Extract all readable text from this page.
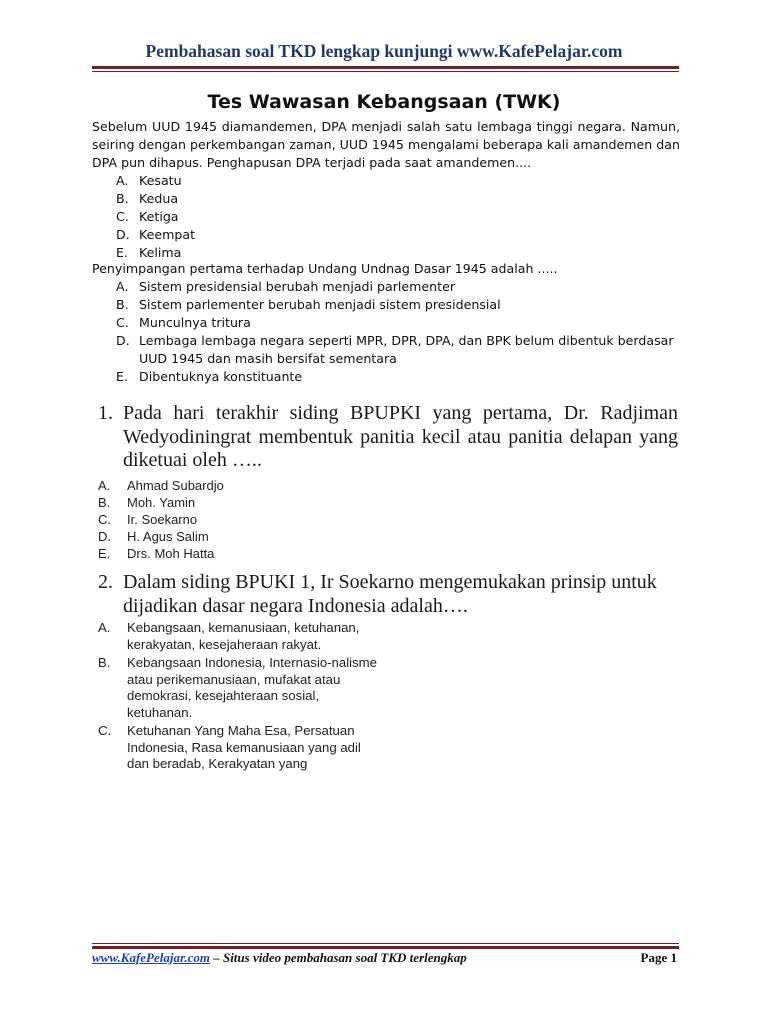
Pembahasan soal TKD lengkap kunjungi www.KafePelajar.com
Tes Wawasan Kebangsaan (TWK)

Sebelum UUD 1945 diamandemen, DPA menjadi salah satu lembaga tinggi negara. Namun, seiring dengan perkembangan zaman, UUD 1945 mengalami beberapa kali amandemen dan DPA pun dihapus. Penghapusan DPA terjadi pada saat amandemen....

A. Kesatu
B. Kedua
C. Ketiga
D. Keempat
E. Kelima

Penyimpangan pertama terhadap Undang Undnag Dasar 1945 adalah .....

A. Sistem presidensial berubah menjadi parlementer
B. Sistem parlementer berubah menjadi sistem presidensial
C. Munculnya tritura
D. Lembaga lembaga negara seperti MPR, DPR, DPA, dan BPK belum dibentuk berdasar UUD 1945 dan masih bersifat sementara
E. Dibentuknya konstituante

1. Pada hari terakhir siding BPUPKI yang pertama, Dr. Radjiman Wedyodiningrat membentuk panitia kecil atau panitia delapan yang diketuai oleh …..

A. Ahmad Subardjo
B. Moh. Yamin
C. Ir. Soekarno
D. H. Agus Salim
E. Drs. Moh Hatta

2. Dalam siding BPUKI 1, Ir Soekarno mengemukakan prinsip untuk dijadikan dasar negara Indonesia adalah….

A. Kebangsaan, kemanusiaan, ketuhanan, kerakyatan, kesejaheraan rakyat.
B. Kebangsaan Indonesia, Internasio-nalisme atau perikemanusiaan, mufakat atau demokrasi, kesejahteraan sosial, ketuhanan.
C. Ketuhanan Yang Maha Esa, Persatuan Indonesia, Rasa kemanusiaan yang adil dan beradab, Kerakyatan yang
www.KafePelajar.com – Situs video pembahasan soal TKD terlengkap	Page 1
